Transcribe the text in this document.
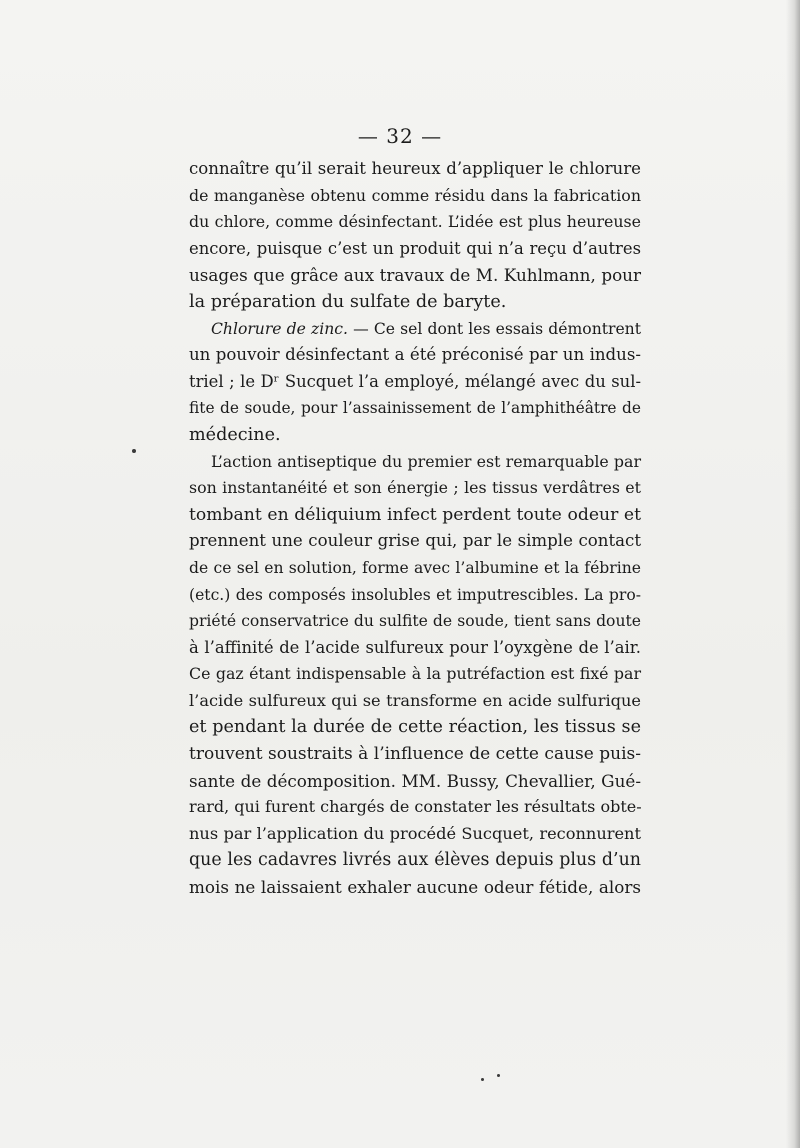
— 32 —
connaître qu’il serait heureux d’appliquer le chlorure
de manganèse obtenu comme résidu dans la fabrication
du chlore, comme désinfectant. L’idée est plus heureuse
encore, puisque c’est un produit qui n’a reçu d’autres
usages que grâce aux travaux de M. Kuhlmann, pour
la préparation du sulfate de baryte.
Chlorure de zinc. — Ce sel dont les essais démontrent
un pouvoir désinfectant a été préconisé par un indus-
triel ; le Dʳ Sucquet l’a employé, mélangé avec du sul-
fite de soude, pour l’assainissement de l’amphithéâtre de
médecine.
L’action antiseptique du premier est remarquable par
son instantanéité et son énergie ; les tissus verdâtres et
tombant en déliquium infect perdent toute odeur et
prennent une couleur grise qui, par le simple contact
de ce sel en solution, forme avec l’albumine et la fébrine
(etc.) des composés insolubles et imputrescibles. La pro-
priété conservatrice du sulfite de soude, tient sans doute
à l’affinité de l’acide sulfureux pour l’oyxgène de l’air.
Ce gaz étant indispensable à la putréfaction est fixé par
l’acide sulfureux qui se transforme en acide sulfurique
et pendant la durée de cette réaction, les tissus se
trouvent soustraits à l’influence de cette cause puis-
sante de décomposition. MM. Bussy, Chevallier, Gué-
rard, qui furent chargés de constater les résultats obte-
nus par l’application du procédé Sucquet, reconnurent
que les cadavres livrés aux élèves depuis plus d’un
mois ne laissaient exhaler aucune odeur fétide, alors
